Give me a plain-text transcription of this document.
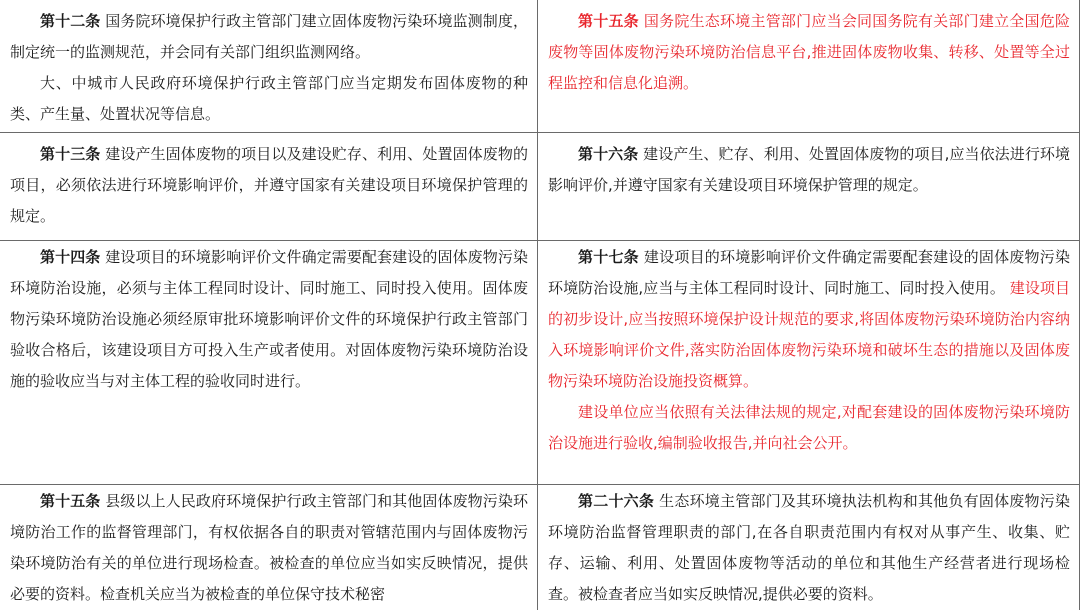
第十二条 国务院环境保护行政主管部门建立固体废物污染环境监测制度，制定统一的监测规范，并会同有关部门组织监测网络。

大、中城市人民政府环境保护行政主管部门应当定期发布固体废物的种类、产生量、处置状况等信息。

第十五条 国务院生态环境主管部门应当会同国务院有关部门建立全国危险废物等固体废物污染环境防治信息平台,推进固体废物收集、转移、处置等全过程监控和信息化追溯。

第十三条 建设产生固体废物的项目以及建设贮存、利用、处置固体废物的项目，必须依法进行环境影响评价，并遵守国家有关建设项目环境保护管理的规定。

第十六条 建设产生、贮存、利用、处置固体废物的项目,应当依法进行环境影响评价,并遵守国家有关建设项目环境保护管理的规定。

第十四条 建设项目的环境影响评价文件确定需要配套建设的固体废物污染环境防治设施，必须与主体工程同时设计、同时施工、同时投入使用。固体废物污染环境防治设施必须经原审批环境影响评价文件的环境保护行政主管部门验收合格后，该建设项目方可投入生产或者使用。对固体废物污染环境防治设施的验收应当与对主体工程的验收同时进行。

第十七条 建设项目的环境影响评价文件确定需要配套建设的固体废物污染环境防治设施,应当与主体工程同时设计、同时施工、同时投入使用。 建设项目的初步设计,应当按照环境保护设计规范的要求,将固体废物污染环境防治内容纳入环境影响评价文件,落实防治固体废物污染环境和破坏生态的措施以及固体废物污染环境防治设施投资概算。

建设单位应当依照有关法律法规的规定,对配套建设的固体废物污染环境防治设施进行验收,编制验收报告,并向社会公开。

第十五条 县级以上人民政府环境保护行政主管部门和其他固体废物污染环境防治工作的监督管理部门，有权依据各自的职责对管辖范围内与固体废物污染环境防治有关的单位进行现场检查。被检查的单位应当如实反映情况，提供必要的资料。检查机关应当为被检查的单位保守技术秘密

第二十六条 生态环境主管部门及其环境执法机构和其他负有固体废物污染环境防治监督管理职责的部门,在各自职责范围内有权对从事产生、收集、贮存、运输、利用、处置固体废物等活动的单位和其他生产经营者进行现场检查。被检查者应当如实反映情况,提供必要的资料。
